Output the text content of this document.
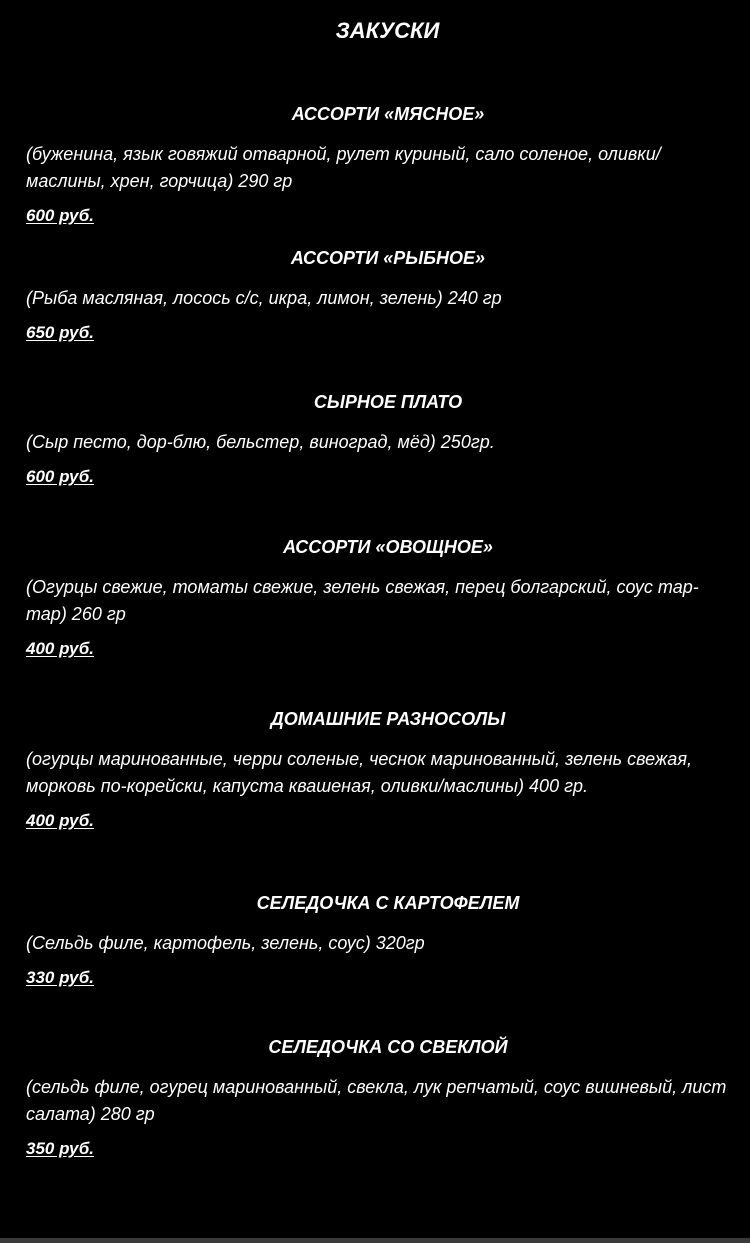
ЗАКУСКИ
АССОРТИ «МЯСНОЕ»
(буженина, язык говяжий отварной, рулет куриный, сало соленое, оливки/маслины, хрен, горчица) 290 гр
600 руб.
АССОРТИ «РЫБНОЕ»
(Рыба масляная, лосось с/с, икра, лимон, зелень) 240 гр
650 руб.
СЫРНОЕ ПЛАТО
(Сыр песто, дор-блю, бельстер, виноград, мёд) 250гр.
600 руб.
АССОРТИ «ОВОЩНОЕ»
(Огурцы свежие, томаты свежие, зелень свежая, перец болгарский, соус тар-тар) 260 гр
400 руб.
ДОМАШНИЕ РАЗНОСОЛЫ
(огурцы маринованные, черри соленые, чеснок маринованный, зелень свежая, морковь по-корейски, капуста квашеная, оливки/маслины) 400 гр.
400 руб.
СЕЛЕДОЧКА С КАРТОФЕЛЕМ
(Сельдь филе, картофель, зелень, соус) 320гр
330 руб.
СЕЛЕДОЧКА СО СВЕКЛОЙ
(сельдь филе, огурец маринованный, свекла, лук репчатый, соус вишневый, лист салата) 280 гр
350 руб.
